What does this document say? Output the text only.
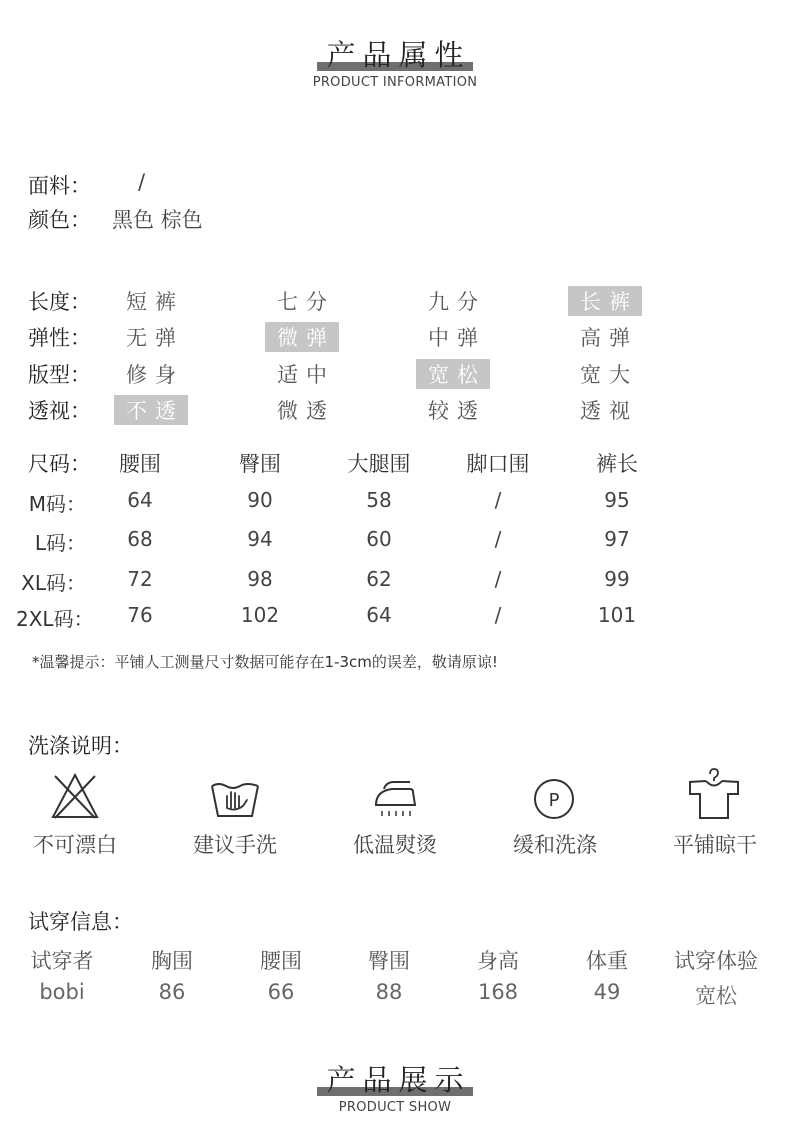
产品属性
PRODUCT INFORMATION
面料： /
颜色： 黑色 棕色
长度： 短裤	七分	九分	长裤
弹性： 无弹	微弹	中弹	高弹
版型： 修身	适中	宽松	宽大
透视：	不透	微透	较透	透视
尺码：	腰围	臀围	大腿围	脚口围	裤长
M码：	64	90	58	/	95
L码：	68	94	60	/	97
XL码：	72	98	62	/	99
2XL码：	76	102	64	/	101
*温馨提示：平铺人工测量尺寸数据可能存在1-3cm的误差，敬请原谅!
洗涤说明：
P
不可漂白	建议手洗	低温熨烫	缓和洗涤	平铺晾干
试穿信息：
试穿者	胸围	腰围	臀围	身高	体重	试穿体验
bobi	86	66	88	168	49	宽松
产品展示
PRODUCT SHOW
